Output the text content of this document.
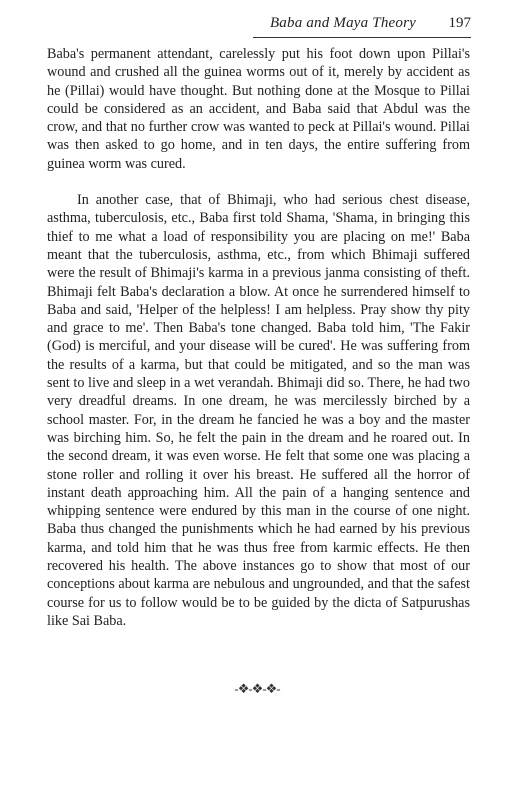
Baba and Maya Theory 197

Baba's permanent attendant, carelessly put his foot down upon Pillai's wound and crushed all the guinea worms out of it, merely by accident as he (Pillai) would have thought. But nothing done at the Mosque to Pillai could be considered as an accident, and Baba said that Abdul was the crow, and that no further crow was wanted to peck at Pillai's wound. Pillai was then asked to go home, and in ten days, the entire suffering from guinea worm was cured.

In another case, that of Bhimaji, who had serious chest disease, asthma, tuberculosis, etc., Baba first told Shama, 'Shama, in bringing this thief to me what a load of responsibility you are placing on me!' Baba meant that the tuberculosis, asthma, etc., from which Bhimaji suffered were the result of Bhimaji's karma in a previous janma consisting of theft. Bhimaji felt Baba's declaration a blow. At once he surrendered himself to Baba and said, 'Helper of the helpless! I am helpless. Pray show thy pity and grace to me'. Then Baba's tone changed. Baba told him, 'The Fakir (God) is merciful, and your disease will be cured'. He was suffering from the results of a karma, but that could be mitigated, and so the man was sent to live and sleep in a wet verandah. Bhimaji did so. There, he had two very dreadful dreams. In one dream, he was mercilessly birched by a school master. For, in the dream he fancied he was a boy and the master was birching him. So, he felt the pain in the dream and he roared out. In the second dream, it was even worse. He felt that some one was placing a stone roller and rolling it over his breast. He suffered all the horror of instant death approaching him. All the pain of a hanging sentence and whipping sentence were endured by this man in the course of one night. Baba thus changed the punishments which he had earned by his previous karma, and told him that he was thus free from karmic effects. He then recovered his health. The above instances go to show that most of our conceptions about karma are nebulous and ungrounded, and that the safest course for us to follow would be to be guided by the dicta of Satpurushas like Sai Baba.

-❖-❖-❖-
